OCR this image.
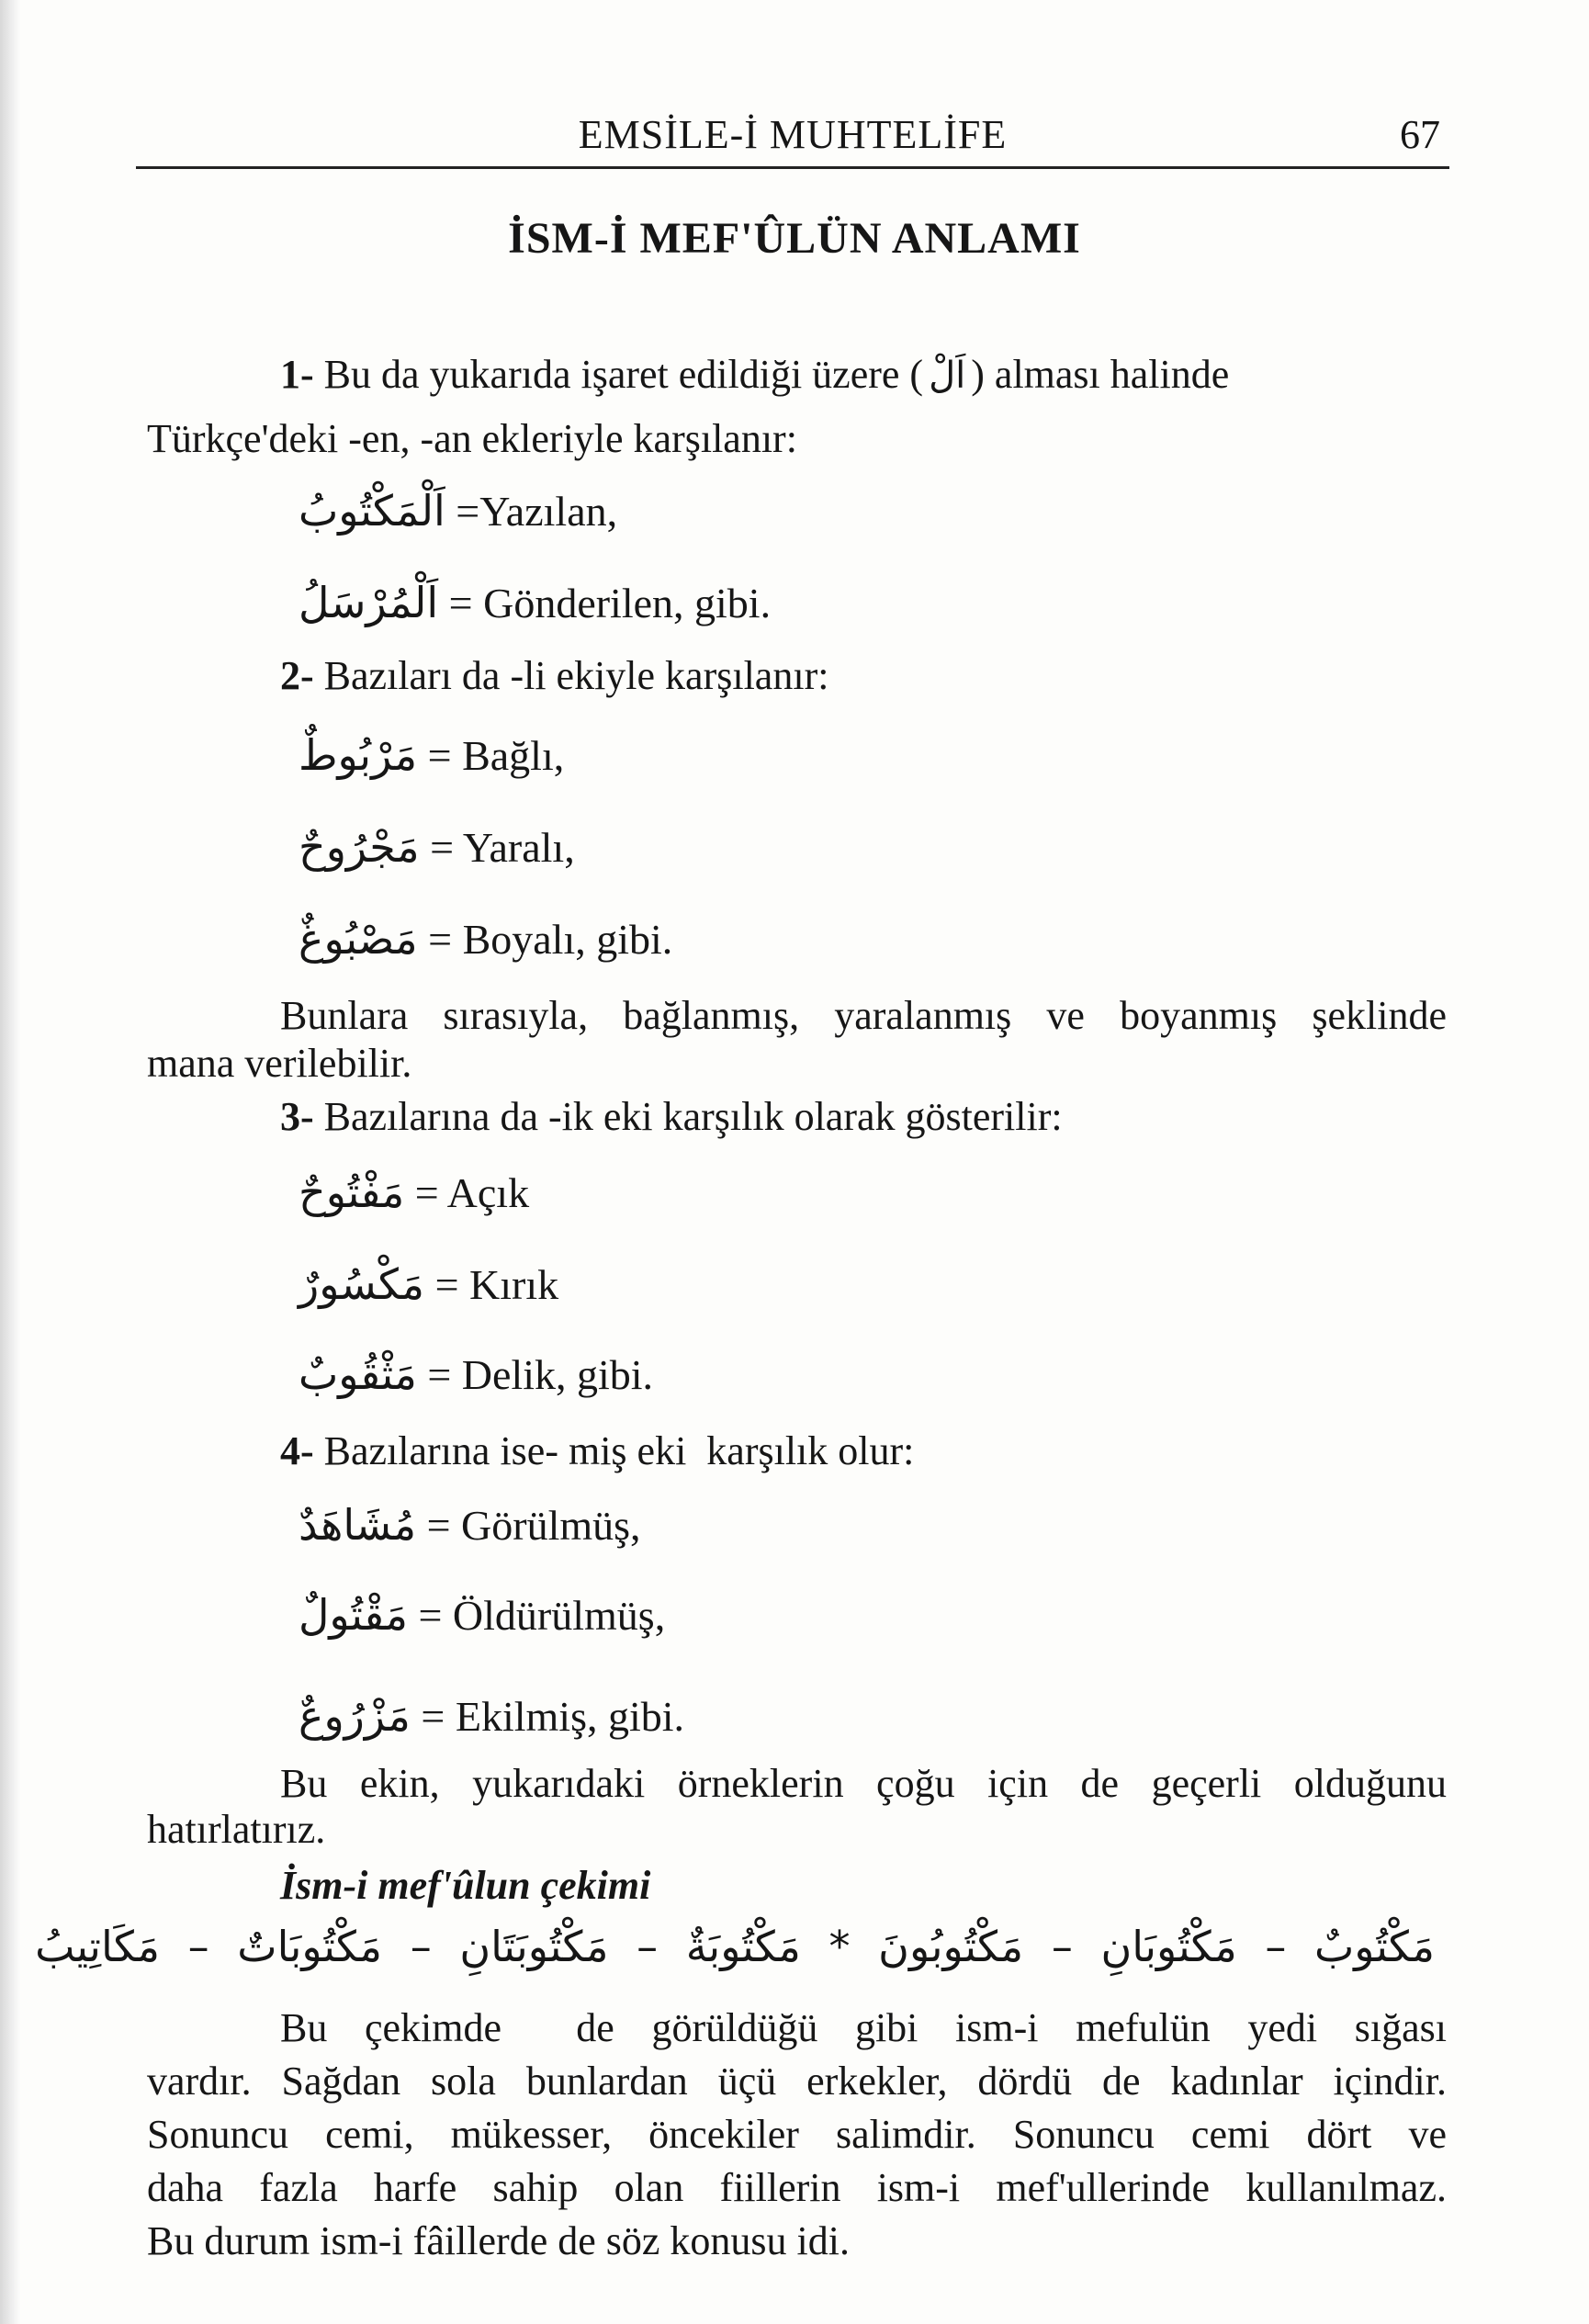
EMSİLE-İ MUHTELİFE	67
İSM-İ MEF'ÛLÜN ANLAMI
1- Bu da yukarıda işaret edildiği üzere ( اَلْ ) alması halinde
Türkçe'deki -en, -an ekleriyle karşılanır:
اَلْمَكْتُوبُ =Yazılan,
اَلْمُرْسَلُ = Gönderilen, gibi.
2- Bazıları da -li ekiyle karşılanır:
مَرْبُوطٌ = Bağlı,
مَجْرُوحٌ = Yaralı,
مَصْبُوغٌ = Boyalı, gibi.
Bunlara sırasıyla, bağlanmış, yaralanmış ve boyanmış şeklinde
mana verilebilir.
3- Bazılarına da -ik eki karşılık olarak gösterilir:
مَفْتُوحٌ = Açık
مَكْسُورٌ = Kırık
مَثْقُوبٌ = Delik, gibi.
4- Bazılarına ise- miş eki  karşılık olur:
مُشَاهَدٌ = Görülmüş,
مَقْتُولٌ = Öldürülmüş,
مَزْرُوعٌ = Ekilmiş, gibi.
Bu ekin, yukarıdaki örneklerin çoğu için de geçerli olduğunu
hatırlatırız.
İsm-i mef'ûlun çekimi
مَكْتُوبٌ – مَكْتُوبَانِ – مَكْتُوبُونَ * مَكْتُوبَةٌ – مَكْتُوبَتَانِ – مَكْتُوبَاتٌ – مَكَاتِيبُ
Bu çekimde  de görüldüğü gibi ism-i mefulün yedi sığası
vardır. Sağdan sola bunlardan üçü erkekler, dördü de kadınlar içindir.
Sonuncu cemi, mükesser, öncekiler salimdir. Sonuncu cemi dört ve
daha fazla harfe sahip olan fiillerin ism-i mef'ullerinde kullanılmaz.
Bu durum ism-i fâillerde de söz konusu idi.
